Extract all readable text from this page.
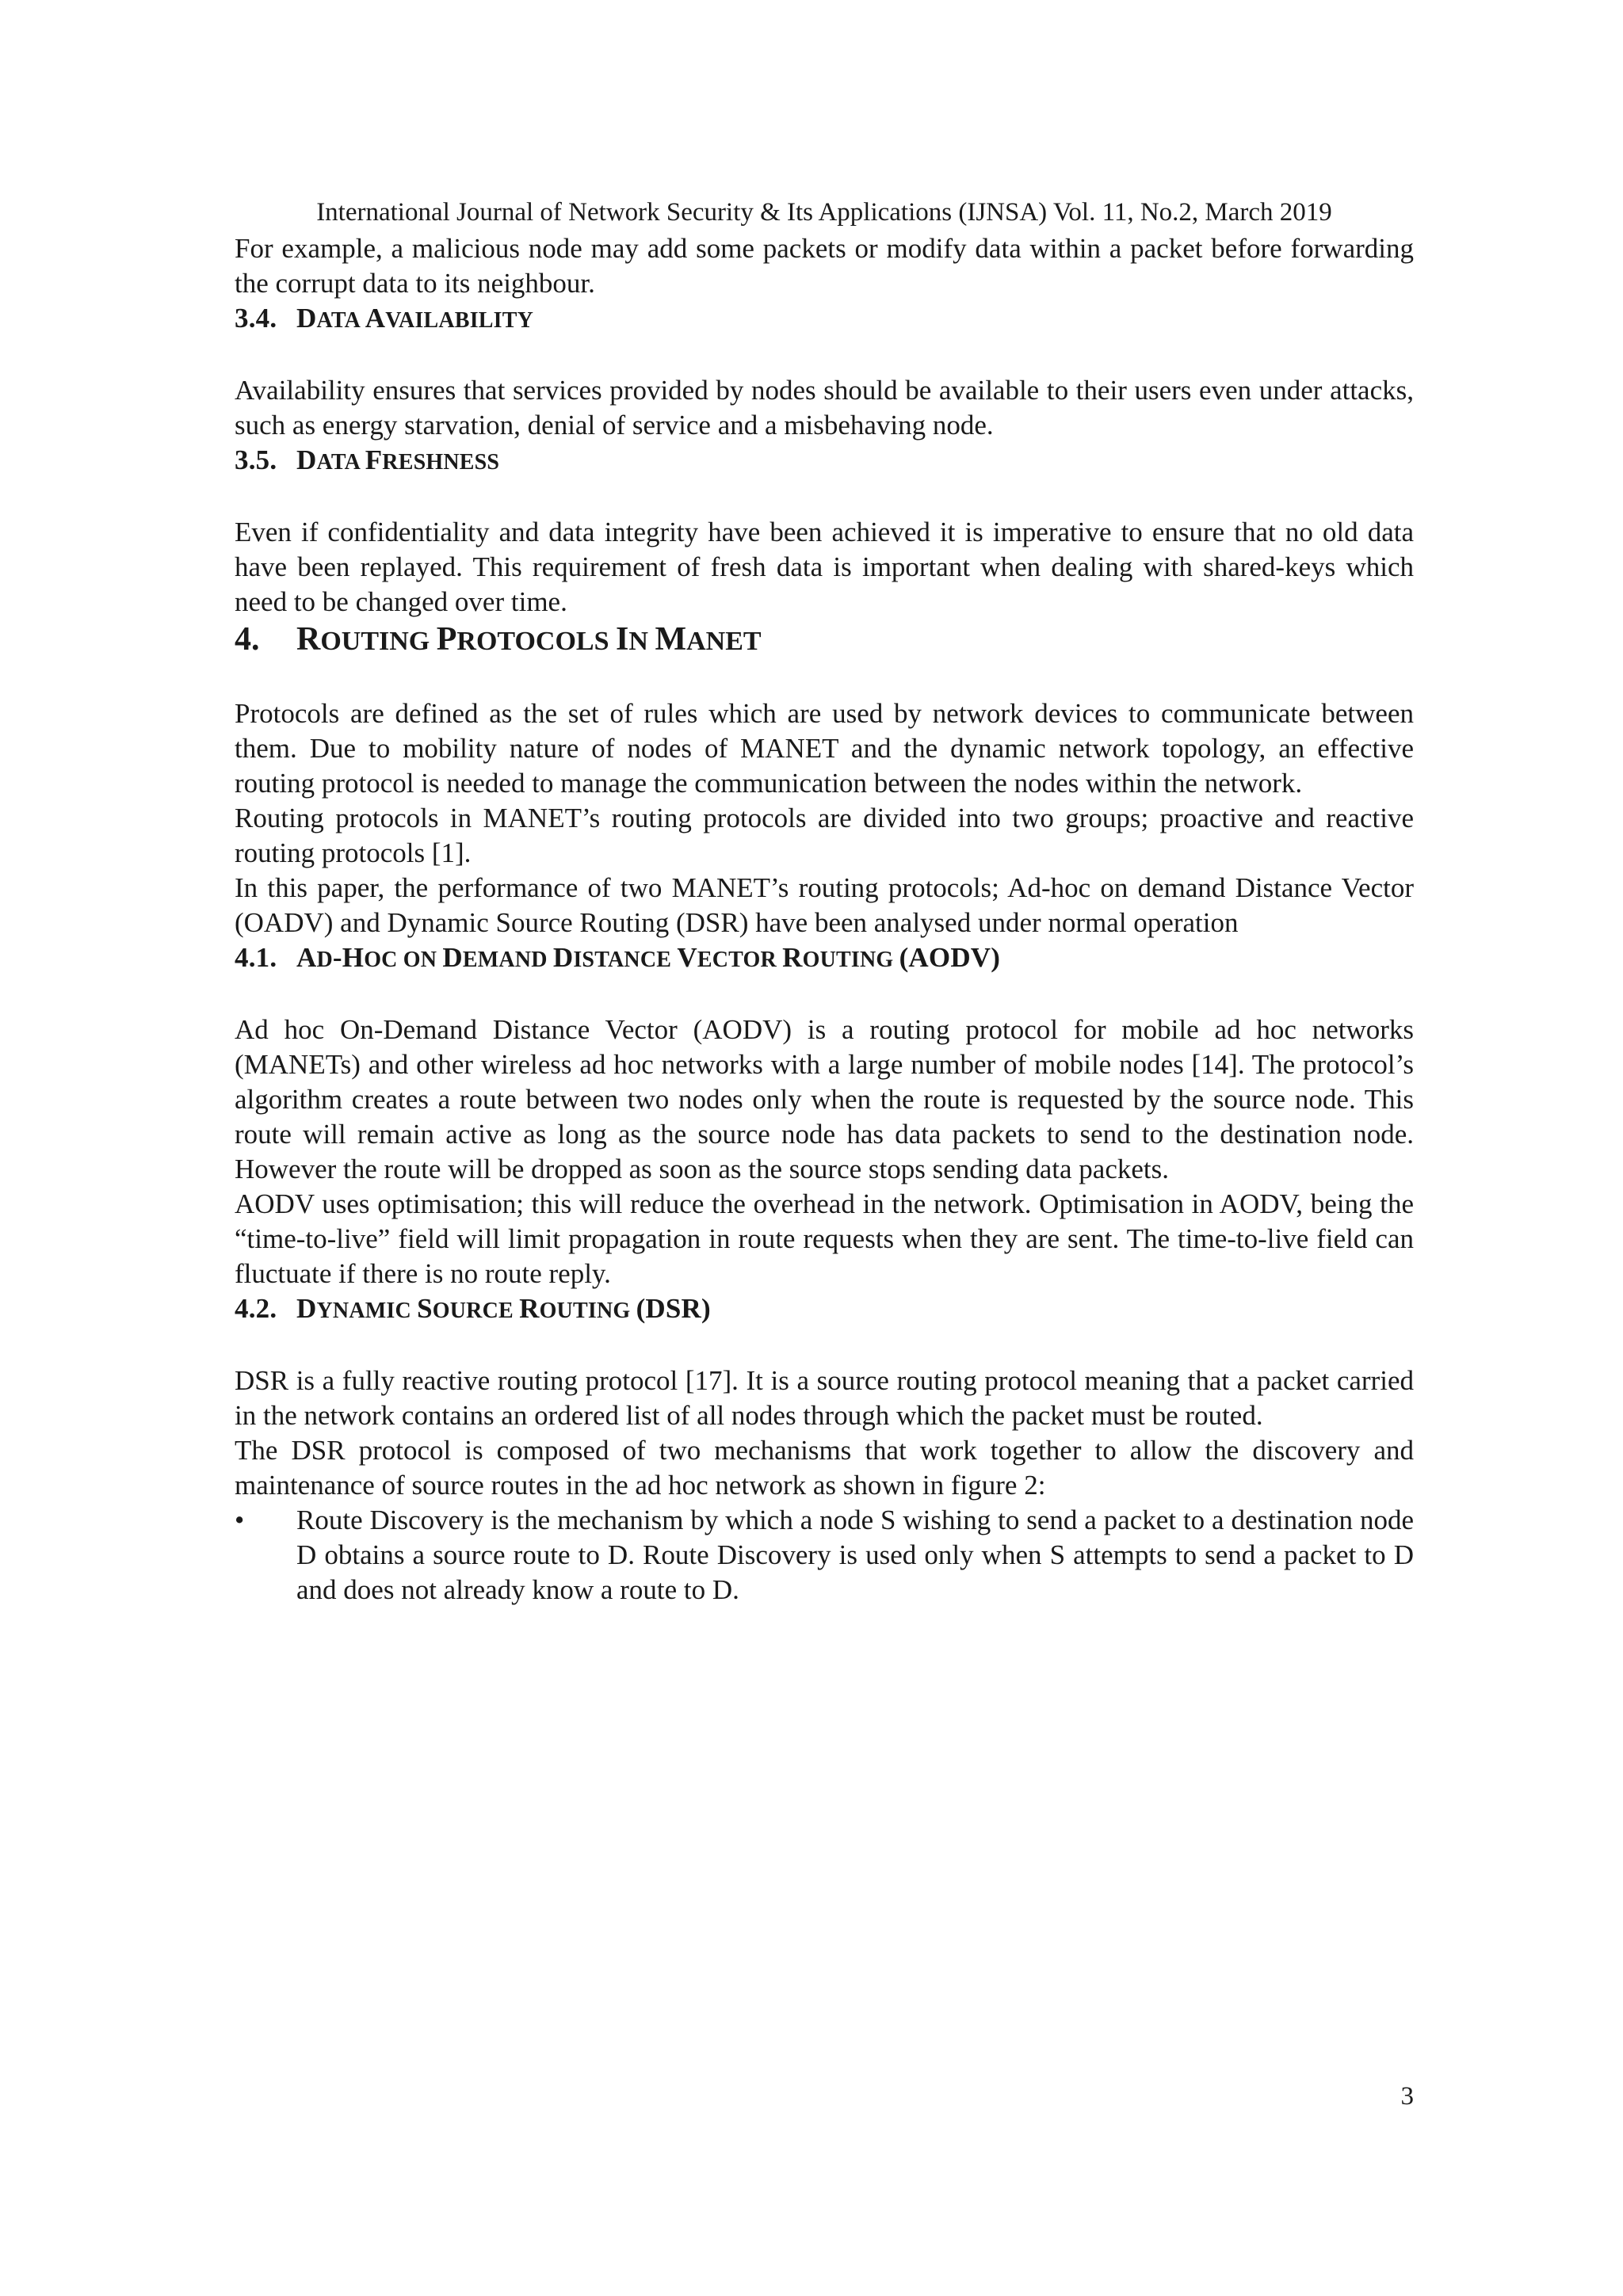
International Journal of Network Security & Its Applications (IJNSA) Vol. 11, No.2, March 2019

For example, a malicious node may add some packets or modify data within a packet before forwarding the corrupt data to its neighbour.

3.4. DATA AVAILABILITY

Availability ensures that services provided by nodes should be available to their users even under attacks, such as energy starvation, denial of service and a misbehaving node.

3.5. DATA FRESHNESS

Even if confidentiality and data integrity have been achieved it is imperative to ensure that no old data have been replayed. This requirement of fresh data is important when dealing with shared-keys which need to be changed over time.

4. ROUTING PROTOCOLS IN MANET

Protocols are defined as the set of rules which are used by network devices to communicate between them. Due to mobility nature of nodes of MANET and the dynamic network topology, an effective routing protocol is needed to manage the communication between the nodes within the network.

Routing protocols in MANET’s routing protocols are divided into two groups; proactive and reactive routing protocols [1].

In this paper, the performance of two MANET’s routing protocols; Ad-hoc on demand Distance Vector (OADV) and Dynamic Source Routing (DSR) have been analysed under normal operation

4.1. AD-HOC ON DEMAND DISTANCE VECTOR ROUTING (AODV)

Ad hoc On-Demand Distance Vector (AODV) is a routing protocol for mobile ad hoc networks (MANETs) and other wireless ad hoc networks with a large number of mobile nodes [14]. The protocol’s algorithm creates a route between two nodes only when the route is requested by the source node. This route will remain active as long as the source node has data packets to send to the destination node. However the route will be dropped as soon as the source stops sending data packets.

AODV uses optimisation; this will reduce the overhead in the network. Optimisation in AODV, being the “time-to-live” field will limit propagation in route requests when they are sent. The time-to-live field can fluctuate if there is no route reply.

4.2. DYNAMIC SOURCE ROUTING (DSR)

DSR is a fully reactive routing protocol [17]. It is a source routing protocol meaning that a packet carried in the network contains an ordered list of all nodes through which the packet must be routed.

The DSR protocol is composed of two mechanisms that work together to allow the discovery and maintenance of source routes in the ad hoc network as shown in figure 2:

•	Route Discovery is the mechanism by which a node S wishing to send a packet to a destination node D obtains a source route to D. Route Discovery is used only when S attempts to send a packet to D and does not already know a route to D.
3
